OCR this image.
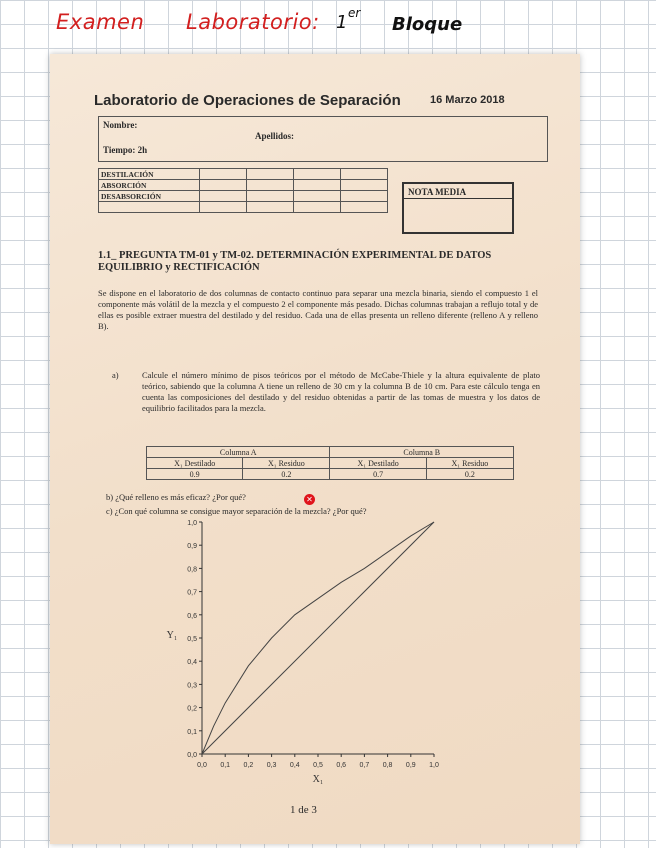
Examen Laboratorio: 1 er
Bloque
Laboratorio de Operaciones de Separación	16 Marzo 2018
Nombre:
Apellidos:
Tiempo: 2h
DESTILACIÓN				
ABSORCIÓN				
DESABSORCIÓN				
					NOTA MEDIA
1.1_ PREGUNTA TM-01 y TM-02. DETERMINACIÓN EXPERIMENTAL DE DATOS EQUILIBRIO y RECTIFICACIÓN
Se dispone en el laboratorio de dos columnas de contacto continuo para separar una mezcla binaria, siendo el compuesto 1 el componente más volátil de la mezcla y el compuesto 2 el componente más pesado. Dichas columnas trabajan a reflujo total y de ellas es posible extraer muestra del destilado y del residuo. Cada una de ellas presenta un relleno diferente (relleno A y relleno B).
a)	Calcule el número mínimo de pisos teóricos por el método de McCabe-Thiele y la altura equivalente de plato teórico, sabiendo que la columna A tiene un relleno de 30 cm y la columna B de 10 cm. Para este cálculo tenga en cuenta las composiciones del destilado y del residuo obtenidas a partir de las tomas de muestra y los datos de equilibrio facilitados para la mezcla.
Columna A		Columna B	
X₁ Destilado	X₁ Residuo	X₁ Destilado	X₁ Residuo
0.9	0.2	0.7	0.2
b) ¿Qué relleno es más eficaz? ¿Por qué?	✕
c) ¿Con qué columna se consigue mayor separación de la mezcla? ¿Por qué?
0,0 0,1 0,2 0,3 0,4 0,5 0,6 0,7 0,8 0,9 1,0
0,0
0,1
0,2
0,3
0,4
0,5
0,6
0,7
0,8
0,9
1,0
X₁
Y₁
1 de 3
